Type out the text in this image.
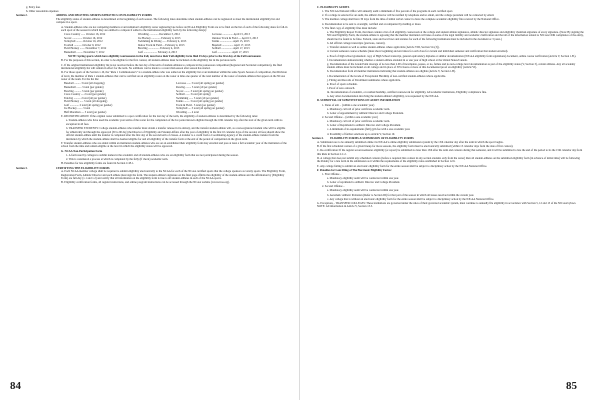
g. Entry fees
h. Other reasonable expenses
Section 2.	ADDING AND DELETING SPORTS/ATHLETICS ON ELIGIBILITY FORMS
The eligibility status of student-athletes is determined at the beginning of each season. The following dates determine when student-athletes can be registered to meet the institutional eligibility list and compete in a sport.
A. Student-athletes who are not competing members at an institution's eligibility roster registering late before an NCAA Eligibility Form are to be filed on the list of each of the following dates for fall-in each sport of the season in which they are entitled to compete if added to the institutional eligibility form by the following date(s):
Cross Country ...... October 16, 2012	Wrestling ............. December 3, 2012	Lacrosse ............... April 15, 2013
Soccer .............. October 16, 2012	Ice Hockey ............. February 4, 2013	Outdoor Track & Field .... April 15, 2013
Volleyball ......... October 16, 2012	Swimming & Diving ...... February 4, 2013	Tennis .................. April 15, 2013
Football ........... October 9, 2012	Indoor Track & Field ... February 4, 2013	Baseball ................ April 17, 2013
Field Hockey ....... November 7, 2012	Bowling ................ February 4, 2013	Softball ................ April 17, 2013
Basketball ......... November 7, 2012	Golf ................... February 4, 2013	Golf .................... April 17, 2013
NOTE: Spring sports which have eligibility tournaments in the Fall, must have their Fall eligibility form filed 45 days prior to the first day of the Fall tournament.
B. For the purposes of this section, in order to be eligible for the first contest, all student-athletes must be included on the eligibility list in the previous term.
C. If the original institutional eligibility list is not received before the last day of the term of student-athletes to compete in the postseason competition (Regional and Sectional competition), the filed institutional eligibility list will remain in effect for the term. No additions can be made to a roster mid-season after season has started.
D. For those sports of the Section 1.10, the "Rule 1 Commissioner's" is a student-athlete who was added on the eligibility list at an institution within the same Sports Season of competition, that Division of level, the member of Rule 1 student-athletes that can be certified on an eligibility roster on the roster at time one quarter of the total number of the roster of student-athletes that appear on the NCAA roster of the team. For the list the:
Baseball ......... 3 total (all dropping)	Lacrosse ...... 3 total (all spring per gender)
Basketball ....... 3 total (per gender)	Rowing ........ 3 total (all per gender)
Bowling .......... 3 total (per gender)	Soccer ........ 3 total (all spring per gender)
Cross Country .... 2 total (per gender)	Softball ...... 3 total (all spring)
Fencing .......... 2 total (all per gender)	Swimming ...... 3 total (all per gender)
Field Hockey ..... 3 total (all dropping)	Tennis ........ 3 total (all spring per gender)
Golf ............. 2 total (all spring per gender)	Track & Field . 3 total (per gender)
Ice Hockey ....... 3 total	Volleyball .... 3 total (all spring per gender)
Half Marathon .... 3 total (per gender)	Wrestling ..... 4 total
E. RECERTIFICATION: If the original roster submitted is a spot certification for the last day of the term, the eligibility of student-athletes is determined by the following rules:
a. Student-athletes who have used the academic year terms of the roster for the completion of the Ice period known eligible through the 10th calendar day after the start of the given term with no exception in all fees.
b. TRANSFER STUDENTS: College student-athletes who transfer must obtain a transfer release in its entirety, and the transfer student-athlete will, as a non-registered student who will be eligible for athletically aid through the approved (30 to 90 day) the Director of Eligibility and Student Affairs after the year of eligibility in the first 10 calendar days of the second, all fees should show the official student-athlete until the transfer is completed after the first day of the second term of classes. A transfer to a credit from a Coordinating Agency of the student-athlete transfer from the institution by which the student-athlete shall be deemed eligible for and all eligibility of the transfer form at the end of the period of competition in the given term.
F. Transfer student-athletes who are added within an institution student-athletes who are on an established their eligibility form may enrolled and pass at least a full academic year of the institution of the school from the time and remain eligible at the level in which the eligibility status will be approved.
G. NCAA Non-Participation Form
1. A form used by colleges to submit names in the academic and all student-athletes who are on eligibility form that are not participated during the season.
2. This is considered a process at which is completed by the fully (if check) academic term.
H. Penalties for late eligibility forms are found in Section 11.B.1.
Section 3.	CERTIFYING THE ELIGIBILITY FORMS
A. Each NCAA member college shall be required to submit eligibility electronically to the NCAA for each of the NCAA certified sports that the college sponsors as varsity sports. The Eligibility Form, Registration Form, Athletic Director and each athlete must sign the form. The student-athlete's signature on the final page affirms the eligibility of the student-athlete and the affirmation by (Eligibility Form) are full-day (1.1 and 1.2) and certify that all information on the eligibility form is true to all student-athletes in each of the NCAA sports.
B. Eligibility certification forms, all regular instructions, and online program instructions can be accessed through the NCAA website (www.ncaa.org).
84
C. ELIGIBILITY AUDITS
1. The NJCAA National Office will annually audit a minimum of five percent of the programs in each certified sport.
2. If a college is selected for an audit, the athletic director will be notified by telephone and/or email, and the college president will be contacted by email.
3. The member college shall have 30 days from the time of initial verbal contact to have the complete academic eligibility file received by the National Office.
4. Documentation to be sent to oversight, certified and accompanied by mailing or more.
5. The final copy of eligibility files must include:
a. The Eligibility Report Form, that must contain a list of all eligibility coursework at the college and student athlete signatures, athletic director signature and eligibility chairman signature of every signature. (Note: By signing the NJCAA Eligibility Form, the student-athlete is agreeing that the member institution will take on some of the legal liability and academic clarification and that all of the information related to NJCAA CDR compliance of the entity, should not be found to be false. Federal, state and local laws and statutes for each of the following institutions must be included in the document or 3 years.)
b. All official college transcripts (previous, current).
c. Transfer student as well as online student-athletes where applicable (Article VIII, Section 5.b.(3)).
d. Current semester course schedule (must show beginning and end dates for each class for current and individual semester and verification that student enrolled).
e. Proof of high school graduation: copy of High School transcript, general equivalency diploma or similar documentation (NJCAA eligibility form regulations) document, online course verification (Article V, Section 1.B.).
f. Documentation demonstrating whether a student-athlete attended in or one year of high school at the United States/Canada.
g. Documentation of the Grade Point Average of no less than 2.00 of incomplete, passes, or no, failure and no non-college level documentation as part of the eligibility status (V, Section 3), certain athletes. Any all academy student athlete must be included on all college and in place of 50% hours or more of this documented proof on eligibility (Article VI).
h. Documentation from all member institutions indicating that student-athletes are eligible (Article V, Section 1.B).
i. Documentation of the Grade of Exceptional Hardship of non-certified student-athletes where applicable.
j. Fitting and Records of Enrollment summaries where applicable.
k. Proof of sports schedule.
l. Proof of zero outreach.
m. Documentation of academic, or residual hardship, certified coursework for eligibility, All academic institutions, Eligibility compliance fine.
n. Any other documentation involving the student-athlete's eligibility, was requested by the NJCAA.
D. SUBMITTAL OF SUBSTITUTIONS ON AUDIT INFORMATION
1. Dates of exit – (within a one academic year)
a. Mandatory call roll of prior certificate academic term.
b. Letter of Appointment by Athletic Director and College President.
2. Second Offense – (within a one academic year)
a. Mandatory call roll of prior certificate academic term.
b. Letter of Reprimand to Athletic Director and College President.
c. A minimum of in-requirements (full) gym fee with a one academic year.
d. Possibility of further sanctions up to Article V, Section 19.
Section 4. ELIGIBILITY FORMS & SUBMISSION OF ELIGIBILITY FORMS
A. Submission are to be annually submitted online via NJCAA's online eligibility submission system by the 15th calendar day after the term in which the sport begins.
B. If the first scheduled contest of a given lineup for more seasons, the eligibility form must be electronically submitted (within 15 calendar days from the date of first contest).
C. Re-certification: If the regular second-semester eligibility (or report) be submitted no later than 15th after the term and contests during that semester, and it will be submitted to late the end of the period to its the 15th calendar day from this Rule in Section 2.C.2.
D. A college that does not submit any scheduled contests (before a required lists contest in any section students only from the roster) then all student-athletes on the submitted eligibility form (in advance of initial time) will be following the Penalty for a late form in the submission as it within the requirements of the eligibility rules established in Section 12.6.
E. Any college failing to submit an electronic eligibility form for the entire season shall be subject to disciplinary action by the NJCAA National Office.
F. Penalties for Late Filing of The Electronic Eligibility Forms:
1. First Offense –
a. Mandatory eligibility audit will be conducted within one year.
b. Letter of reprimand to Athletic Director and College President.
2. Second Offense –
a. Mandatory eligibility audit will be conducted within one year.
b. Automatic Athletic Probation (Refer to Section III) for that part of the season in which all issues resolved within the current year.
c. Any college that is without an electronic eligibility form for the entire season shall be subject to disciplinary action by the NJCAA National Office.
G. Exceptions – TRANSFER COLLEGES: These institutions are governed under the rules of their governed academic system, must continue to annually file eligibility in accordance with Section 5, 12 and 13 of the NJCAA bylaws. NOTE: All information in Article V, Section 13.5.
85
